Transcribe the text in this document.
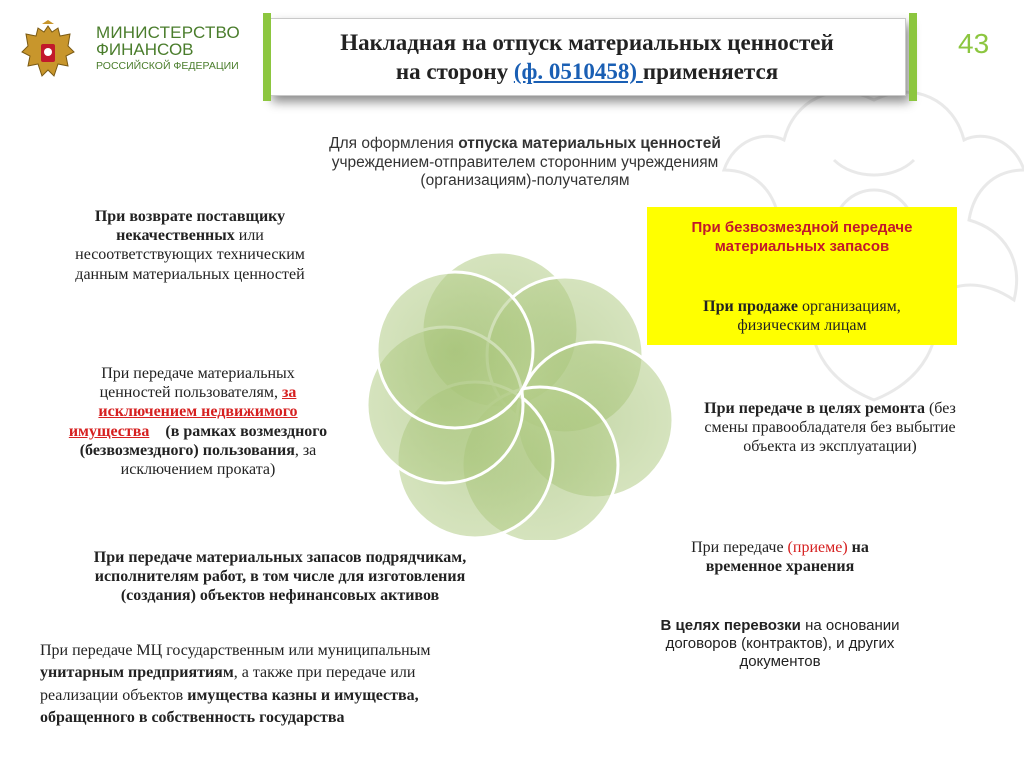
МИНИСТЕРСТВО
ФИНАНСОВ
РОССИЙСКОЙ ФЕДЕРАЦИИ
Накладная на отпуск материальных ценностей
на сторону (ф. 0510458) применяется
43
Для оформления отпуска материальных ценностей
учреждением-отправителем сторонним учреждениям
(организациям)-получателям
При возврате поставщику
некачественных или
несоответствующих техническим
данным материальных ценностей
При передаче материальных
ценностей пользователям, за
исключением недвижимого
имущества (в рамках возмездного
(безвозмездного) пользования, за
исключением проката)
При безвозмездной передаче
материальных запасов
При продаже организациям,
физическим лицам
При передаче в целях ремонта (без
смены правообладателя без выбытие
объекта из эксплуатации)
При передаче (приеме) на
временное хранения
При передаче материальных запасов подрядчикам,
исполнителям работ, в том числе для изготовления
(создания) объектов нефинансовых активов
В целях перевозки на основании
договоров (контрактов), и других
документов
При передаче МЦ государственным или муниципальным
унитарным предприятиям, а также при передаче или
реализации объектов имущества казны и имущества,
обращенного в собственность государства
